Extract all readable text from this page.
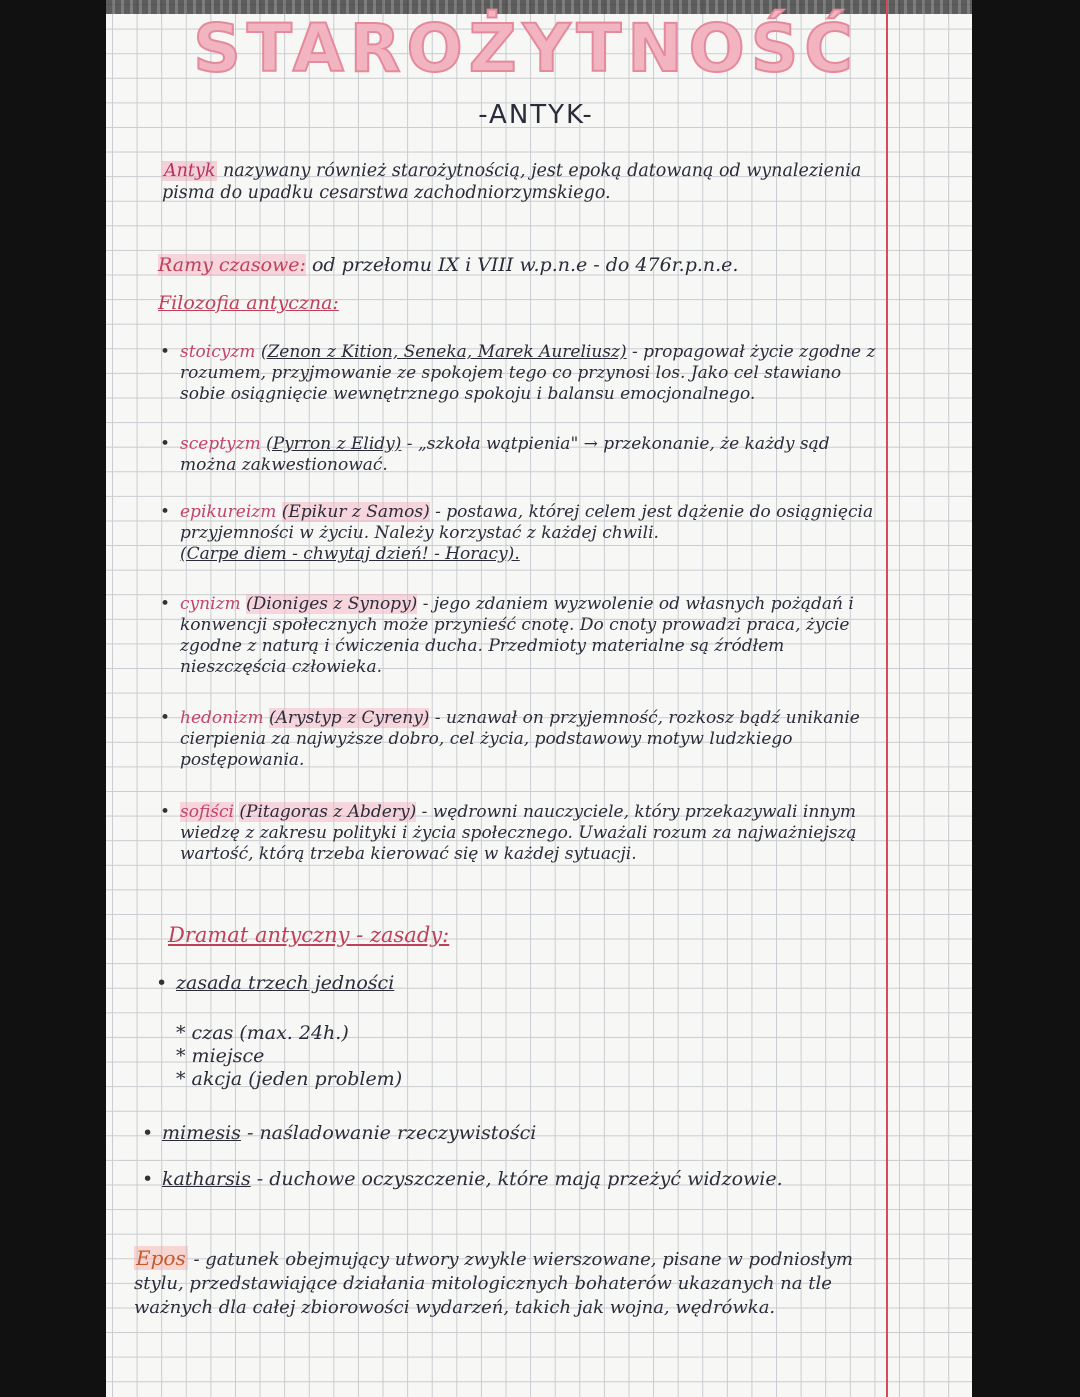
STAROŻYTNOŚĆ
-ANTYK-
Antyk nazywany również starożytnością, jest epoką datowaną od wynalezienia pisma do upadku cesarstwa zachodniorzymskiego.
Ramy czasowe: od przełomu IX i VIII w.p.n.e - do 476r.p.n.e.
Filozofia antyczna:
• stoicyzm (Zenon z Kition, Seneka, Marek Aureliusz) - propagował życie zgodne z rozumem, przyjmowanie ze spokojem tego co przynosi los. Jako cel stawiano sobie osiągnięcie wewnętrznego spokoju i balansu emocjonalnego.
• sceptyzm (Pyrron z Elidy) - „szkoła wątpienia" → przekonanie, że każdy sąd można zakwestionować.
• epikureizm (Epikur z Samos) - postawa, której celem jest dążenie do osiągnięcia przyjemności w życiu. Należy korzystać z każdej chwili.
(Carpe diem - chwytaj dzień! - Horacy).
• cynizm (Dioniges z Synopy) - jego zdaniem wyzwolenie od własnych pożądań i konwencji społecznych może przynieść cnotę. Do cnoty prowadzi praca, życie zgodne z naturą i ćwiczenia ducha. Przedmioty materialne są źródłem nieszczęścia człowieka.
• hedonizm (Arystyp z Cyreny) - uznawał on przyjemność, rozkosz bądź unikanie cierpienia za najwyższe dobro, cel życia, podstawowy motyw ludzkiego postępowania.
• sofiści (Pitagoras z Abdery) - wędrowni nauczyciele, który przekazywali innym wiedzę z zakresu polityki i życia społecznego. Uważali rozum za najważniejszą wartość, którą trzeba kierować się w każdej sytuacji.
Dramat antyczny - zasady:
• zasada trzech jedności
* czas (max. 24h.)
* miejsce
* akcja (jeden problem)
• mimesis - naśladowanie rzeczywistości
• katharsis - duchowe oczyszczenie, które mają przeżyć widzowie.
Epos - gatunek obejmujący utwory zwykle wierszowane, pisane w podniosłym stylu, przedstawiające działania mitologicznych bohaterów ukazanych na tle ważnych dla całej zbiorowości wydarzeń, takich jak wojna, wędrówka.
